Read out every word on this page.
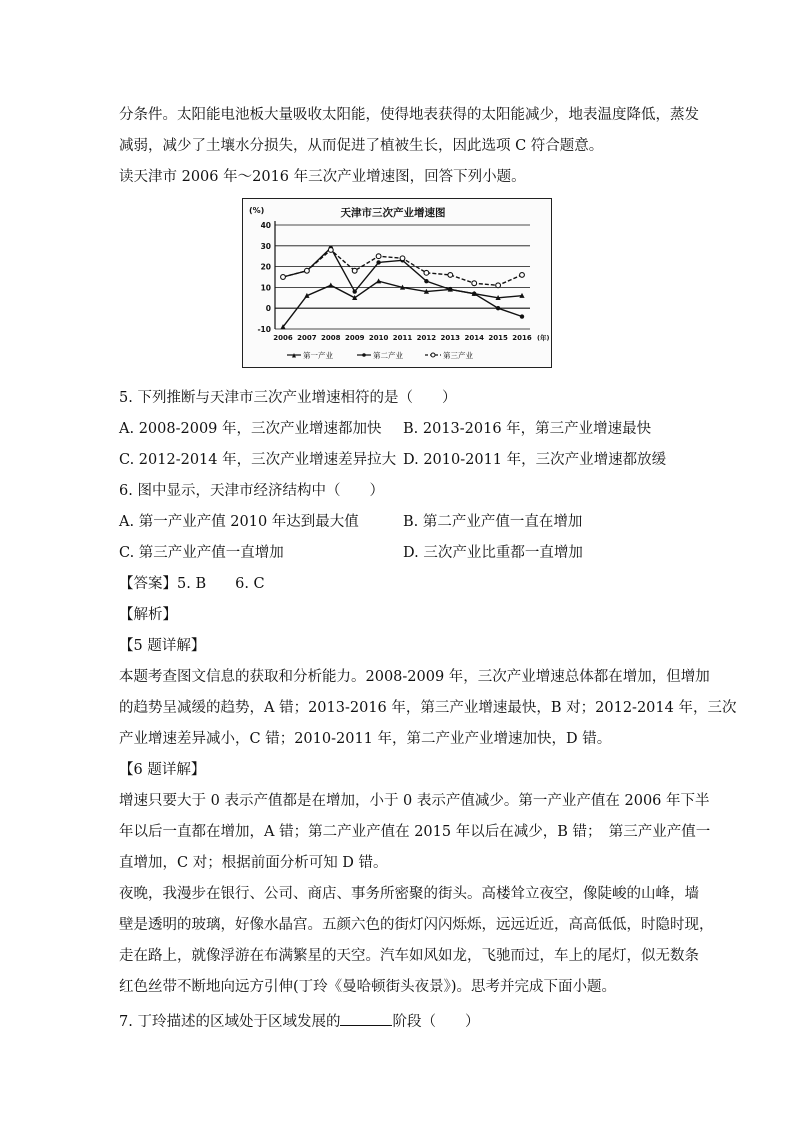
分条件。太阳能电池板大量吸收太阳能，使得地表获得的太阳能减少，地表温度降低，蒸发
减弱，减少了土壤水分损失，从而促进了植被生长，因此选项 C 符合题意。
读天津市 2006 年～2016 年三次产业增速图，回答下列小题。
-10
0
10
20
30
40
2006 2007 2008 2009 2010 2011 2012 2013 2014 2015 2016
天津市三次产业增速图
(%)
(年)
第一产业	第二产业	第三产业
5. 下列推断与天津市三次产业增速相符的是（　　）
A. 2008-2009 年，三次产业增速都加快 B. 2013-2016 年，第三产业增速最快
C. 2012-2014 年，三次产业增速差异拉大 D. 2010-2011 年，三次产业增速都放缓
6. 图中显示，天津市经济结构中（　　）
A. 第一产业产值 2010 年达到最大值	B. 第二产业产值一直在增加
C. 第三产业产值一直增加	D. 三次产业比重都一直增加
【答案】5. B　　6. C
【解析】
【5 题详解】
本题考查图文信息的获取和分析能力。2008-2009 年，三次产业增速总体都在增加，但增加
的趋势呈减缓的趋势，A 错；2013-2016 年，第三产业增速最快，B 对；2012-2014 年，三次
产业增速差异减小，C 错；2010-2011 年，第二产业产业增速加快，D 错。
【6 题详解】
增速只要大于 0 表示产值都是在增加，小于 0 表示产值减少。第一产业产值在 2006 年下半
年以后一直都在增加，A 错；第二产业产值在 2015 年以后在减少，B 错；　第三产业产值一
直增加，C 对；根据前面分析可知 D 错。
夜晚，我漫步在银行、公司、商店、事务所密聚的街头。高楼耸立夜空，像陡峻的山峰，墙
壁是透明的玻璃，好像水晶宫。五颜六色的街灯闪闪烁烁，远远近近，高高低低，时隐时现，
走在路上，就像浮游在布满繁星的天空。汽车如风如龙，飞驰而过，车上的尾灯，似无数条
红色丝带不断地向远方引伸(丁玲《曼哈顿街头夜景》)。思考并完成下面小题。
7. 丁玲描述的区域处于区域发展的	阶段（　　）
